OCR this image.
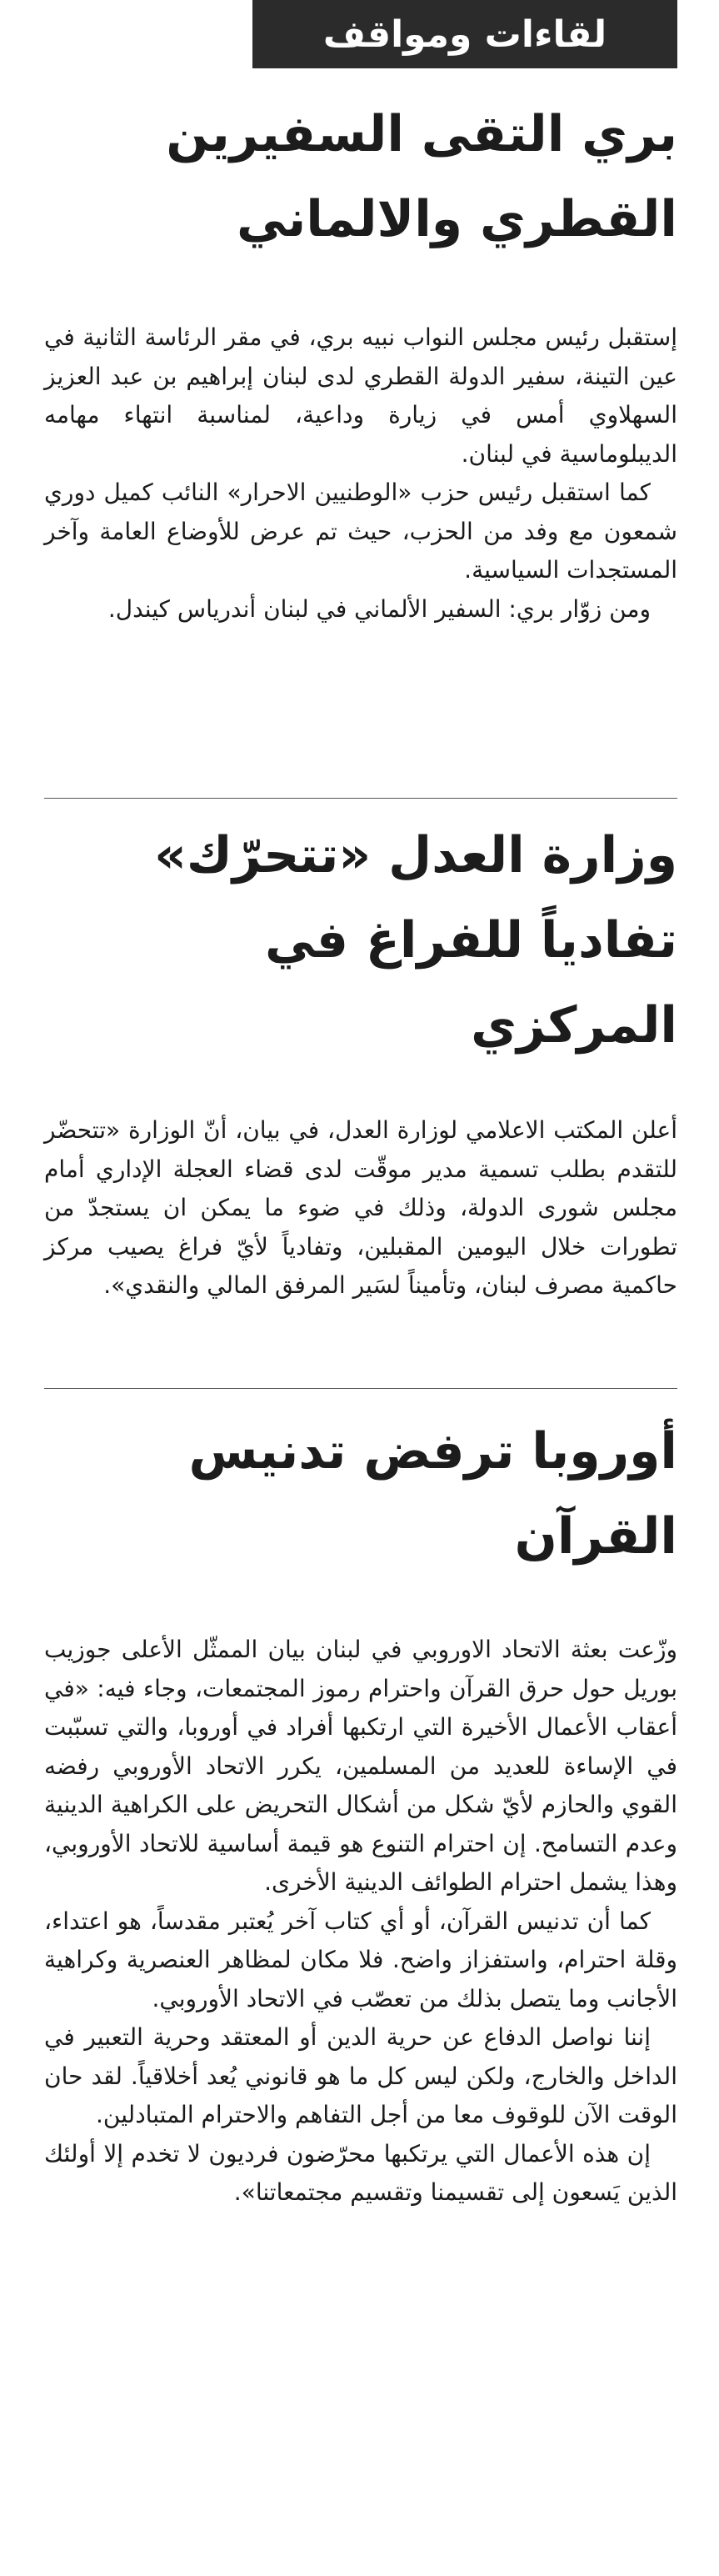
لقاءات ومواقف
بري التقى السفيرين القطري والالماني

إستقبل رئيس مجلس النواب نبيه بري، في مقر الرئاسة الثانية في عين التينة، سفير الدولة القطري لدى لبنان إبراهيم بن عبد العزيز السهلاوي أمس في زيارة وداعية، لمناسبة انتهاء مهامه الديبلوماسية في لبنان.

كما استقبل رئيس حزب «الوطنيين الاحرار» النائب كميل دوري شمعون مع وفد من الحزب، حيث تم عرض للأوضاع العامة وآخر المستجدات السياسية.

ومن زوّار بري: السفير الألماني في لبنان أندرياس كيندل.

وزارة العدل «تتحرّك» تفادياً للفراغ في المركزي

أعلن المكتب الاعلامي لوزارة العدل، في بيان، أنّ الوزارة «تتحضّر للتقدم بطلب تسمية مدير موقّت لدى قضاء العجلة الإداري أمام مجلس شورى الدولة، وذلك في ضوء ما يمكن ان يستجدّ من تطورات خلال اليومين المقبلين، وتفادياً لأيّ فراغ يصيب مركز حاكمية مصرف لبنان، وتأميناً لسَير المرفق المالي والنقدي».

أوروبا ترفض تدنيس القرآن

وزّعت بعثة الاتحاد الاوروبي في لبنان بيان الممثّل الأعلى جوزيب بوريل حول حرق القرآن واحترام رموز المجتمعات، وجاء فيه: «في أعقاب الأعمال الأخيرة التي ارتكبها أفراد في أوروبا، والتي تسبّبت في الإساءة للعديد من المسلمين، يكرر الاتحاد الأوروبي رفضه القوي والحازم لأيّ شكل من أشكال التحريض على الكراهية الدينية وعدم التسامح. إن احترام التنوع هو قيمة أساسية للاتحاد الأوروبي، وهذا يشمل احترام الطوائف الدينية الأخرى.

كما أن تدنيس القرآن، أو أي كتاب آخر يُعتبر مقدساً، هو اعتداء، وقلة احترام، واستفزاز واضح. فلا مكان لمظاهر العنصرية وكراهية الأجانب وما يتصل بذلك من تعصّب في الاتحاد الأوروبي.

إننا نواصل الدفاع عن حرية الدين أو المعتقد وحرية التعبير في الداخل والخارج، ولكن ليس كل ما هو قانوني يُعد أخلاقياً. لقد حان الوقت الآن للوقوف معا من أجل التفاهم والاحترام المتبادلين.

إن هذه الأعمال التي يرتكبها محرّضون فرديون لا تخدم إلا أولئك الذين يَسعون إلى تقسيمنا وتقسيم مجتمعاتنا».
